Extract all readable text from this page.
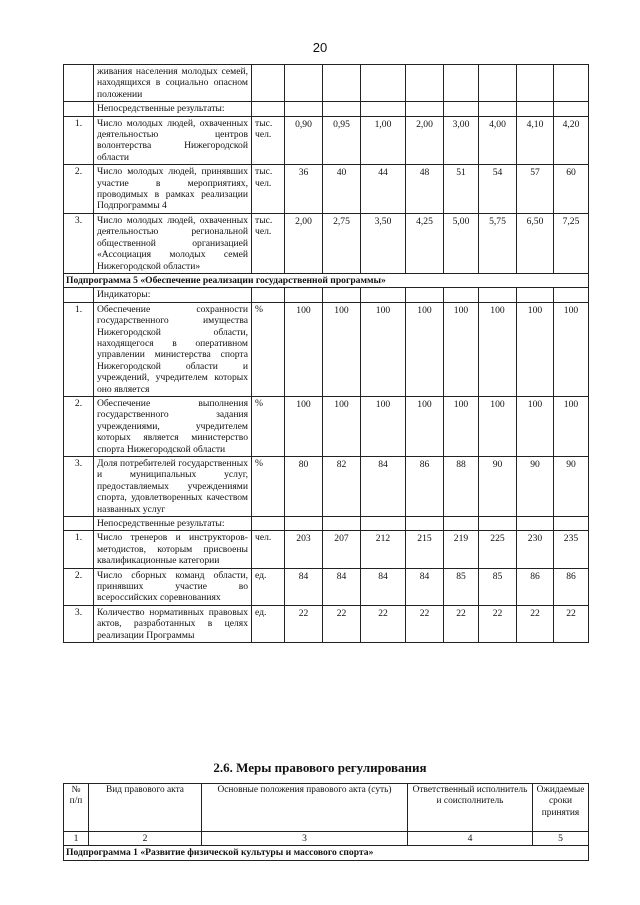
20
	живания населения молодых семей, находящихся в социально опасном положении									
	Непосредственные результаты:									
1.	Число молодых людей, охваченных деятельностью центров волонтерства Нижегородской области	тыс. чел.	0,90	0,95	1,00	2,00	3,00	4,00	4,10	4,20
2.	Число молодых людей, принявших участие в мероприятиях, проводимых в рамках реализации Подпрограммы 4	тыс. чел.	36	40	44	48	51	54	57	60
3.	Число молодых людей, охваченных деятельностью региональной общественной организацией «Ассоциация молодых семей Нижегородской области»	тыс. чел.	2,00	2,75	3,50	4,25	5,00	5,75	6,50	7,25
Подпрограмма 5 «Обеспечение реализации государственной программы»										
	Индикаторы:									
1.	Обеспечение сохранности государственного имущества Нижегородской области, находящегося в оперативном управлении министерства спорта Нижегородской области и учреждений, учредителем которых оно является	%	100	100	100	100	100	100	100	100
2.	Обеспечение выполнения государственного задания учреждениями, учредителем которых является министерство спорта Нижегородской области	%	100	100	100	100	100	100	100	100
3.	Доля потребителей государственных и муниципальных услуг, предоставляемых учреждениями спорта, удовлетворенных качеством названных услуг	%	80	82	84	86	88	90	90	90
	Непосредственные результаты:									
1.	Число тренеров и инструкторов-методистов, которым присвоены квалификационные категории	чел.	203	207	212	215	219	225	230	235
2.	Число сборных команд области, принявших участие во всероссийских соревнованиях	ед.	84	84	84	84	85	85	86	86
3.	Количество нормативных правовых актов, разработанных в целях реализации Программы	ед.	22	22	22	22	22	22	22	22
2.6. Меры правового регулирования
№ п/п	Вид правового акта	Основные положения правового акта (суть)	Ответственный исполнитель и соисполнитель	Ожидаемые сроки принятия
1	2	3	4	5
Подпрограмма 1 «Развитие физической культуры и массового спорта»				
